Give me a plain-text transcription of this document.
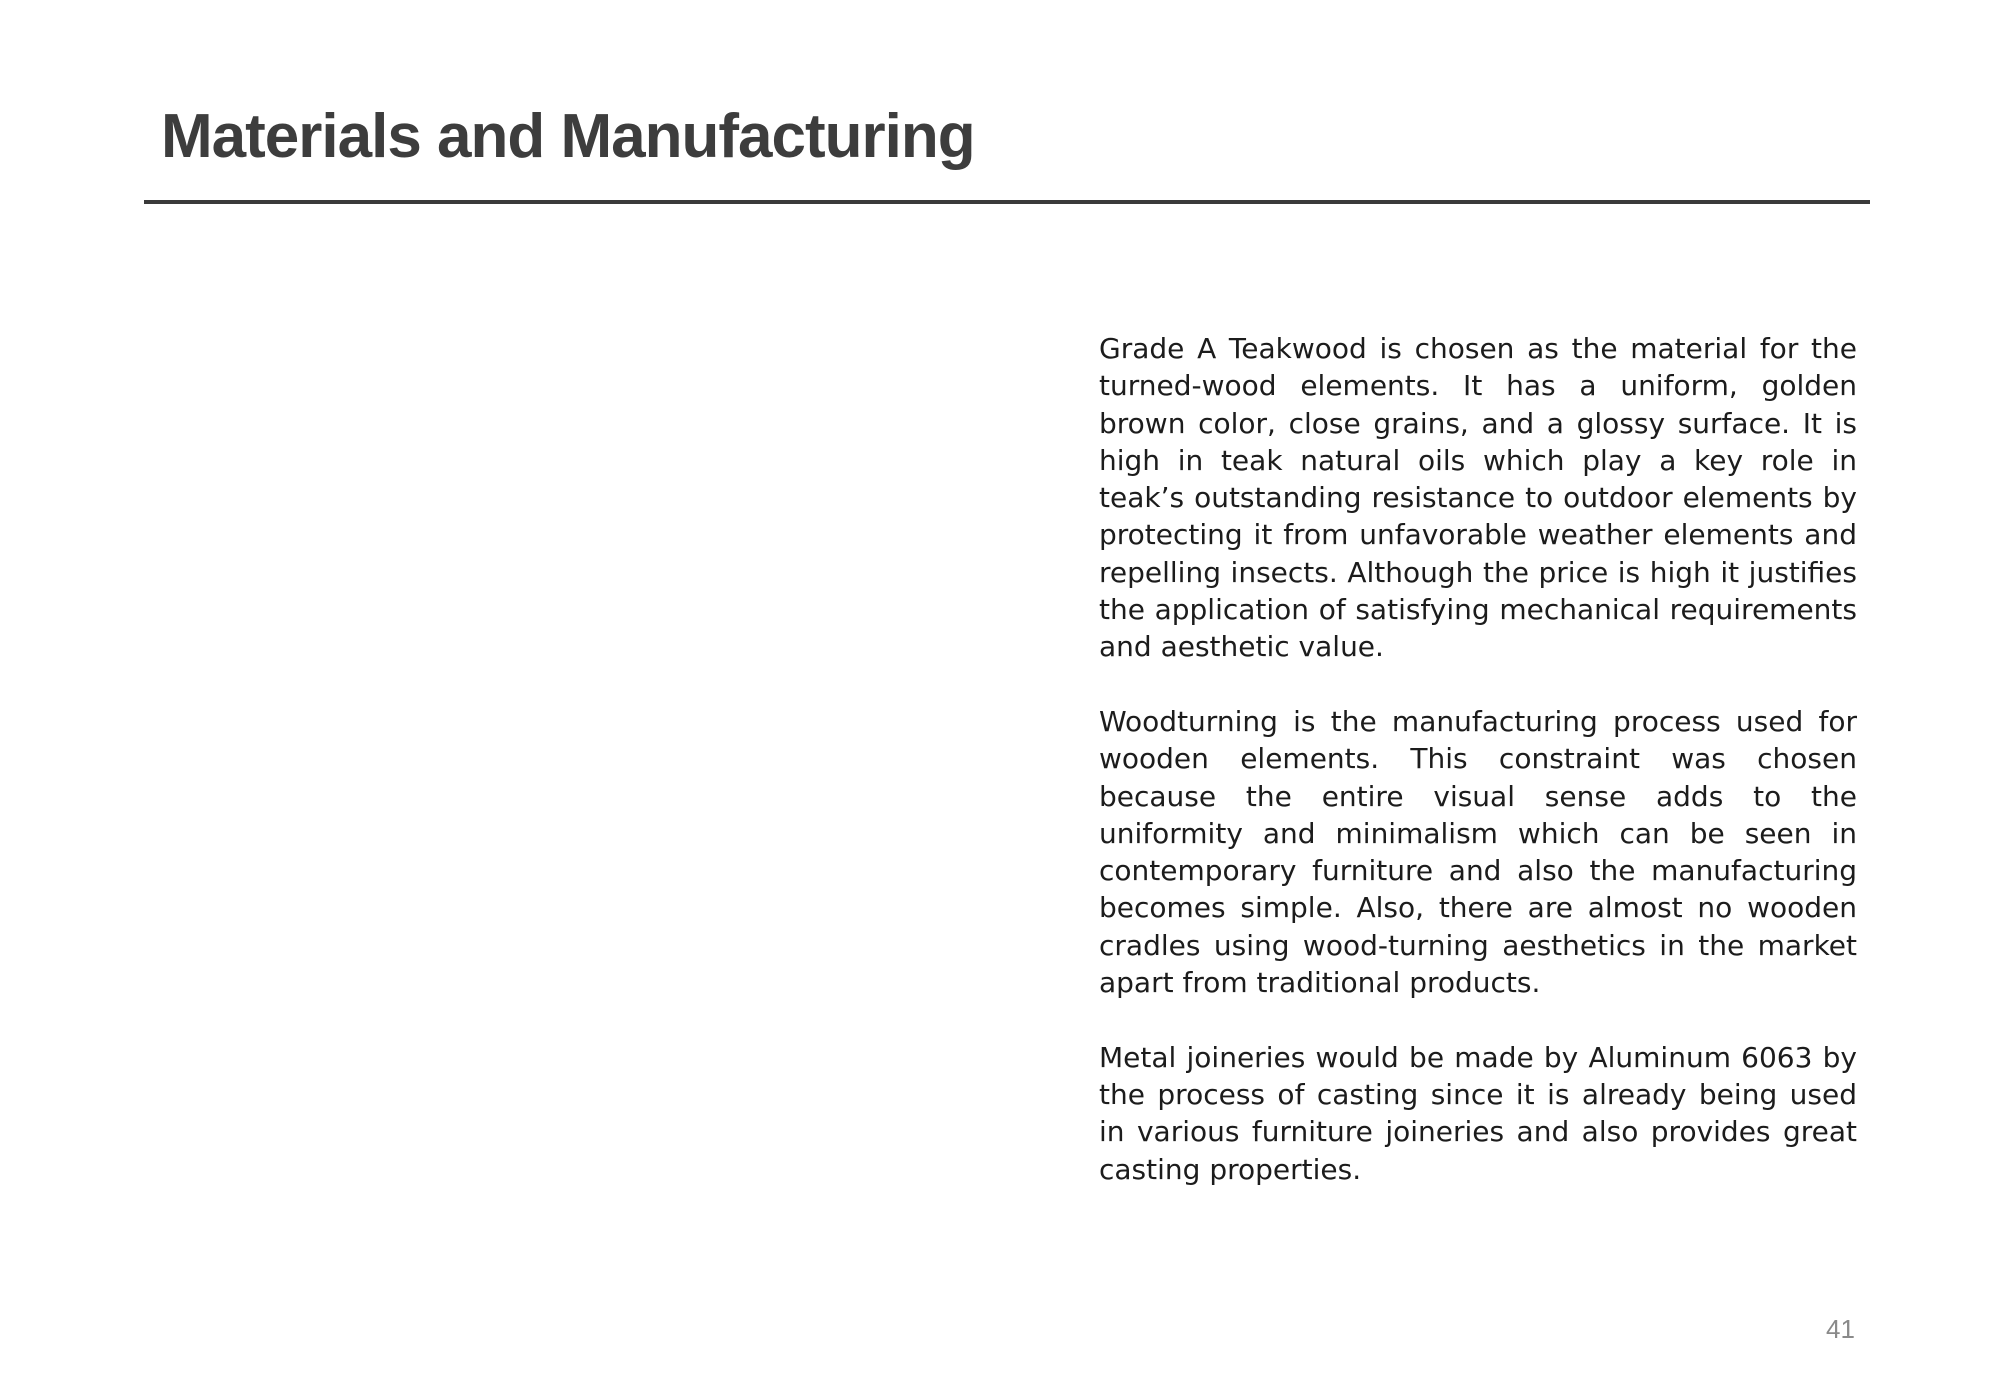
Materials and Manufacturing

Grade A Teakwood is chosen as the material for the turned-wood elements. It has a uniform, golden brown color, close grains, and a glossy surface. It is high in teak natural oils which play a key role in teak’s outstanding resistance to outdoor elements by protecting it from unfavorable weather elements and repelling insects. Although the price is high it justifies the application of satisfying mechanical requirements and aesthetic value.

Woodturning is the manufacturing process used for wooden elements. This constraint was chosen because the entire visual sense adds to the uniformity and minimalism which can be seen in contemporary furniture and also the manufacturing becomes simple. Also, there are almost no wooden cradles using wood-turning aesthetics in the market apart from traditional products.

Metal joineries would be made by Aluminum 6063 by the process of casting since it is already being used in various furniture joineries and also provides great casting properties.

41
